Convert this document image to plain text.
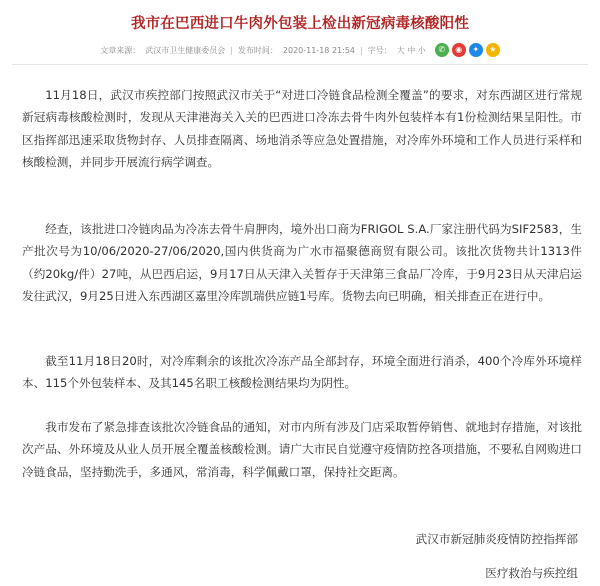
我市在巴西进口牛肉外包装上检出新冠病毒核酸阳性
文章来源： 武汉市卫生健康委员会 | 发布时间： 2020-11-18 21:54 | 字号： 大 中 小	✆	◉	✦	★

11月18日，武汉市疾控部门按照武汉市关于“对进口冷链食品检测全覆盖”的要求，对东西湖区进行常规新冠病毒核酸检测时，发现从天津港海关入关的巴西进口冷冻去骨牛肉外包装样本有1份检测结果呈阳性。市区指挥部迅速采取货物封存、人员排查隔离、场地消杀等应急处置措施，对冷库外环境和工作人员进行采样和核酸检测，并同步开展流行病学调查。

经查，该批进口冷链肉品为冷冻去骨牛肩胛肉，境外出口商为FRIGOL S.A.厂家注册代码为SIF2583，生产批次号为10/06/2020-27/06/2020,国内供货商为广水市福聚德商贸有限公司。该批次货物共计1313件（约20kg/件）27吨，从巴西启运，9月17日从天津入关暂存于天津第三食品厂冷库，于9月23日从天津启运发往武汉，9月25日进入东西湖区嘉里冷库凯瑞供应链1号库。货物去向已明确，相关排查正在进行中。

截至11月18日20时，对冷库剩余的该批次冷冻产品全部封存，环境全面进行消杀，400个冷库外环境样本、115个外包装样本、及其145名职工核酸检测结果均为阴性。

我市发布了紧急排查该批次冷链食品的通知，对市内所有涉及门店采取暂停销售、就地封存措施，对该批次产品、外环境及从业人员开展全覆盖核酸检测。请广大市民自觉遵守疫情防控各项措施，不要私自网购进口冷链食品，坚持勤洗手，多通风，常消毒，科学佩戴口罩，保持社交距离。

武汉市新冠肺炎疫情防控指挥部
医疗救治与疾控组
